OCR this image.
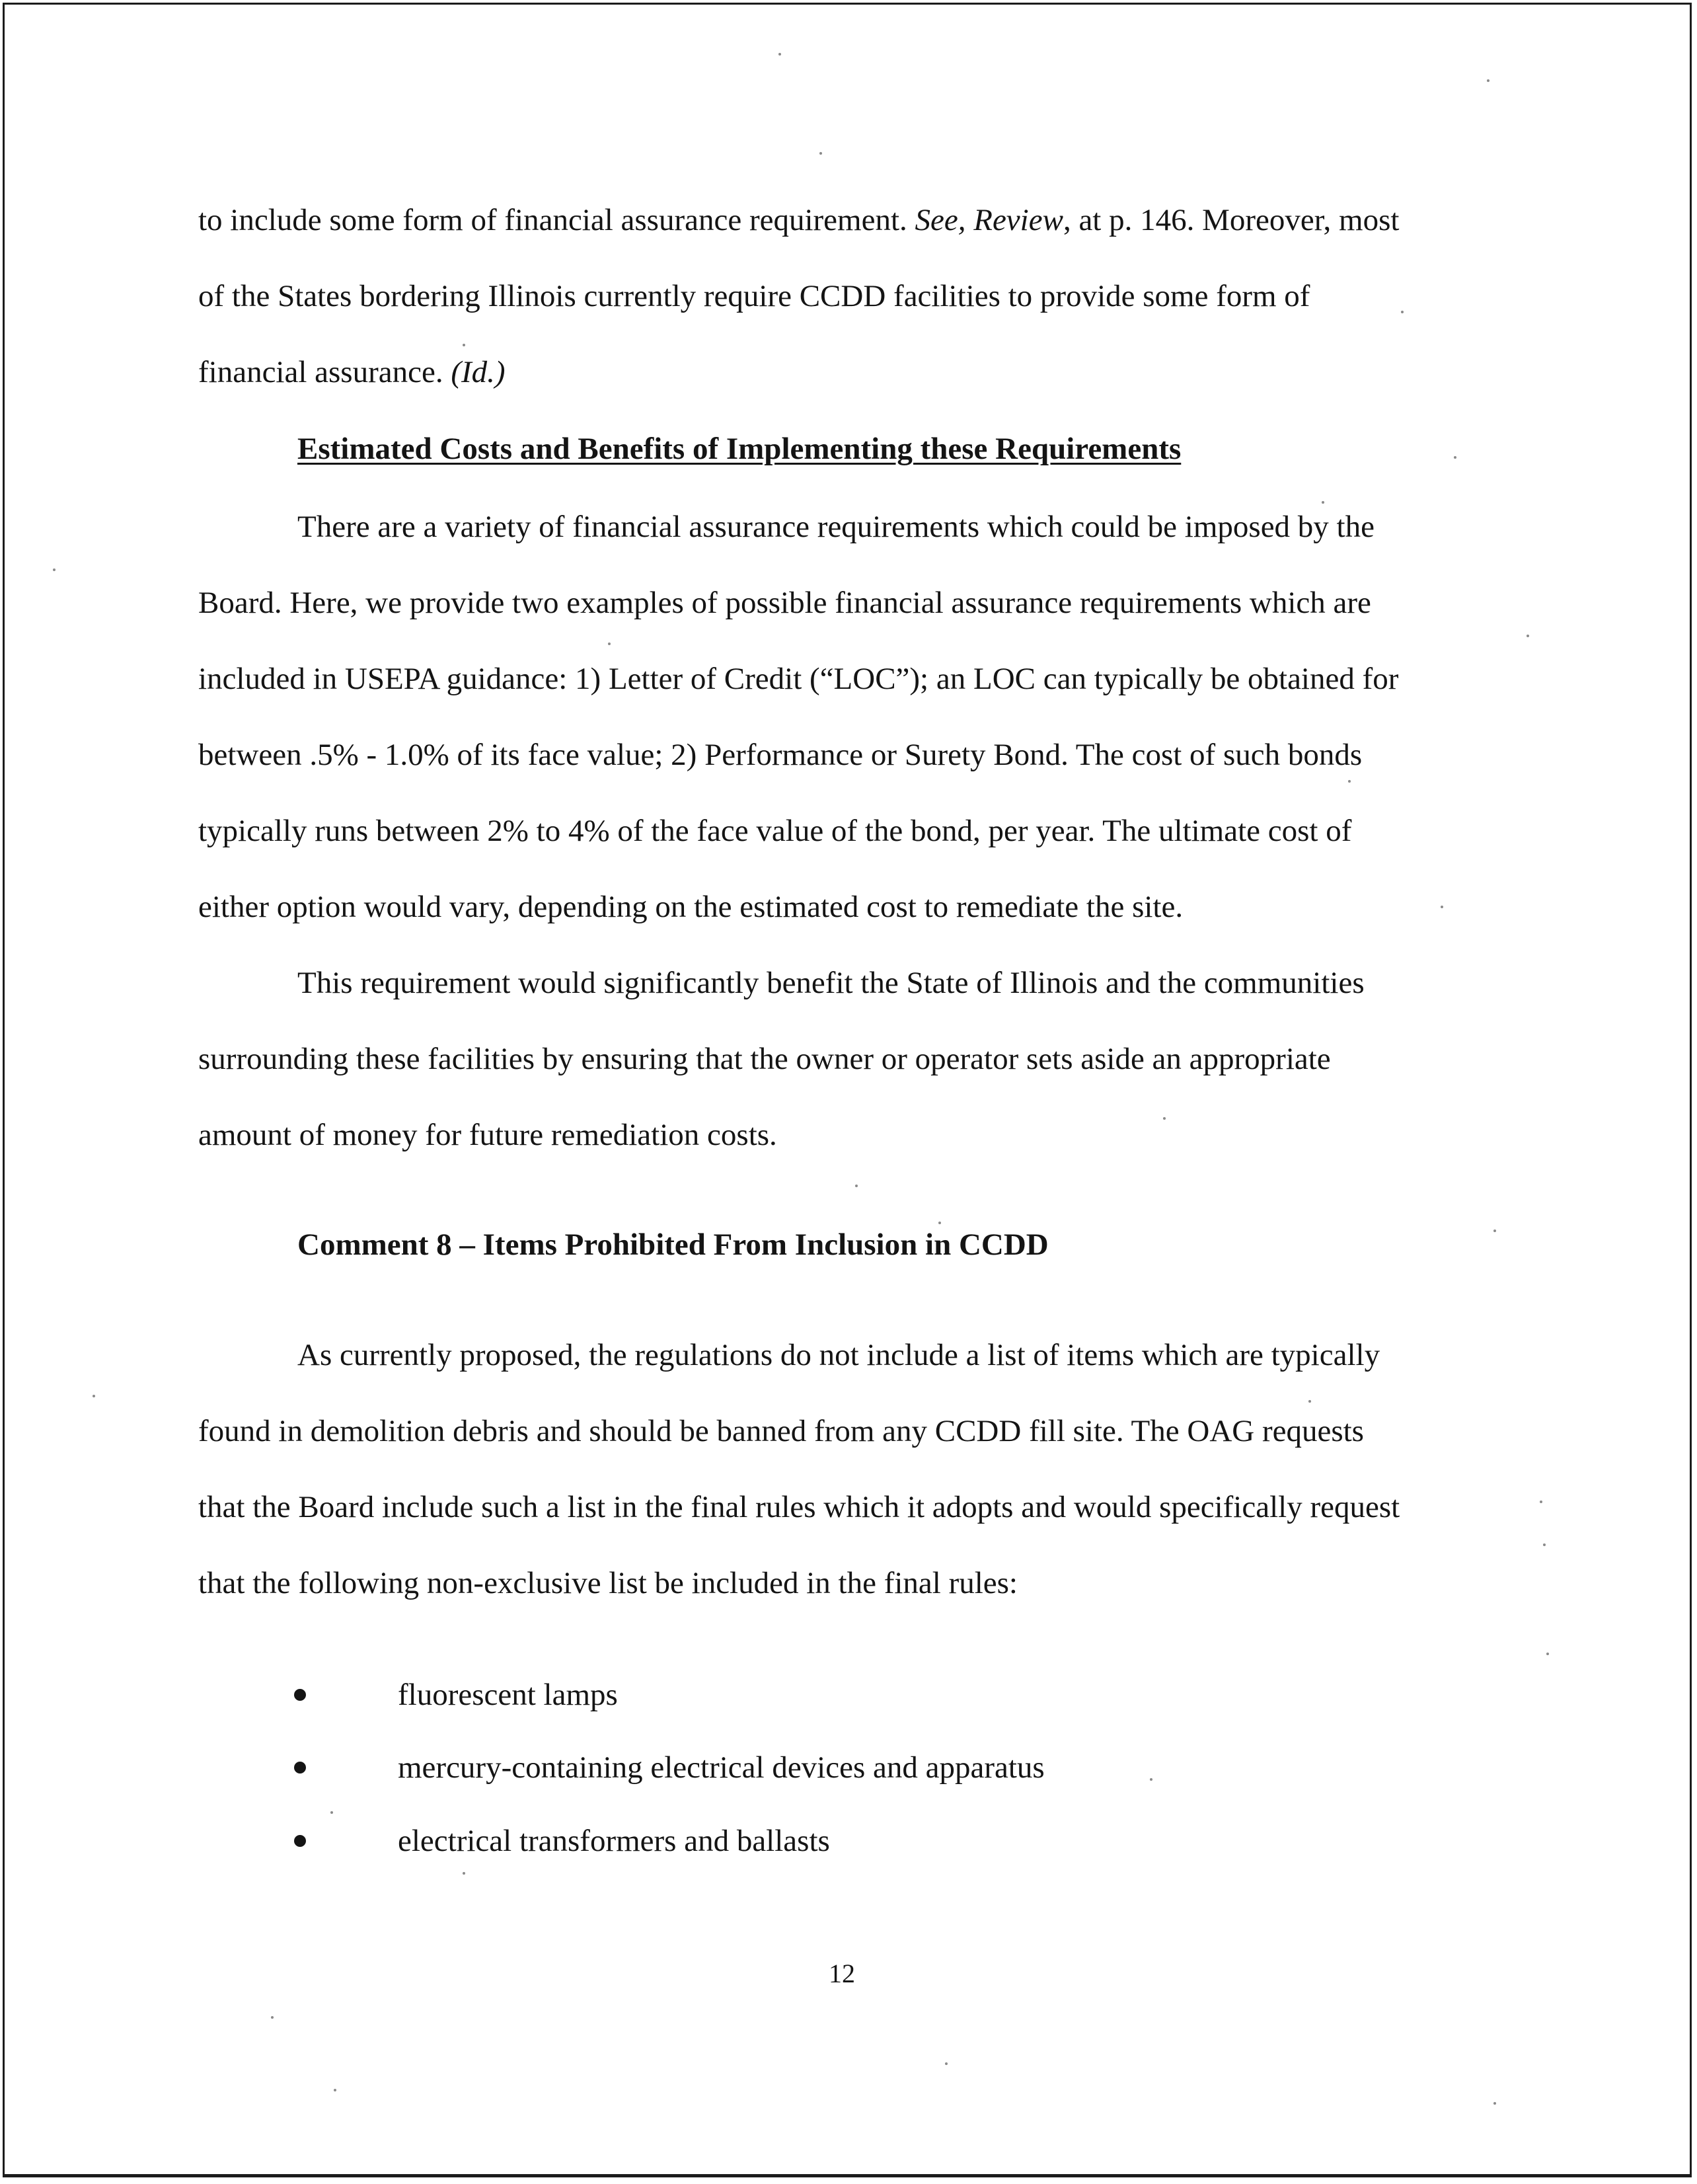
to include some form of financial assurance requirement. See, Review, at p. 146. Moreover, most
of the States bordering Illinois currently require CCDD facilities to provide some form of
financial assurance. (Id.)
Estimated Costs and Benefits of Implementing these Requirements
There are a variety of financial assurance requirements which could be imposed by the
Board. Here, we provide two examples of possible financial assurance requirements which are
included in USEPA guidance: 1) Letter of Credit (“LOC”); an LOC can typically be obtained for
between .5% - 1.0% of its face value; 2) Performance or Surety Bond. The cost of such bonds
typically runs between 2% to 4% of the face value of the bond, per year. The ultimate cost of
either option would vary, depending on the estimated cost to remediate the site.
This requirement would significantly benefit the State of Illinois and the communities
surrounding these facilities by ensuring that the owner or operator sets aside an appropriate
amount of money for future remediation costs.
Comment 8 – Items Prohibited From Inclusion in CCDD
As currently proposed, the regulations do not include a list of items which are typically
found in demolition debris and should be banned from any CCDD fill site. The OAG requests
that the Board include such a list in the final rules which it adopts and would specifically request
that the following non-exclusive list be included in the final rules:
fluorescent lamps
mercury-containing electrical devices and apparatus
electrical transformers and ballasts
12
